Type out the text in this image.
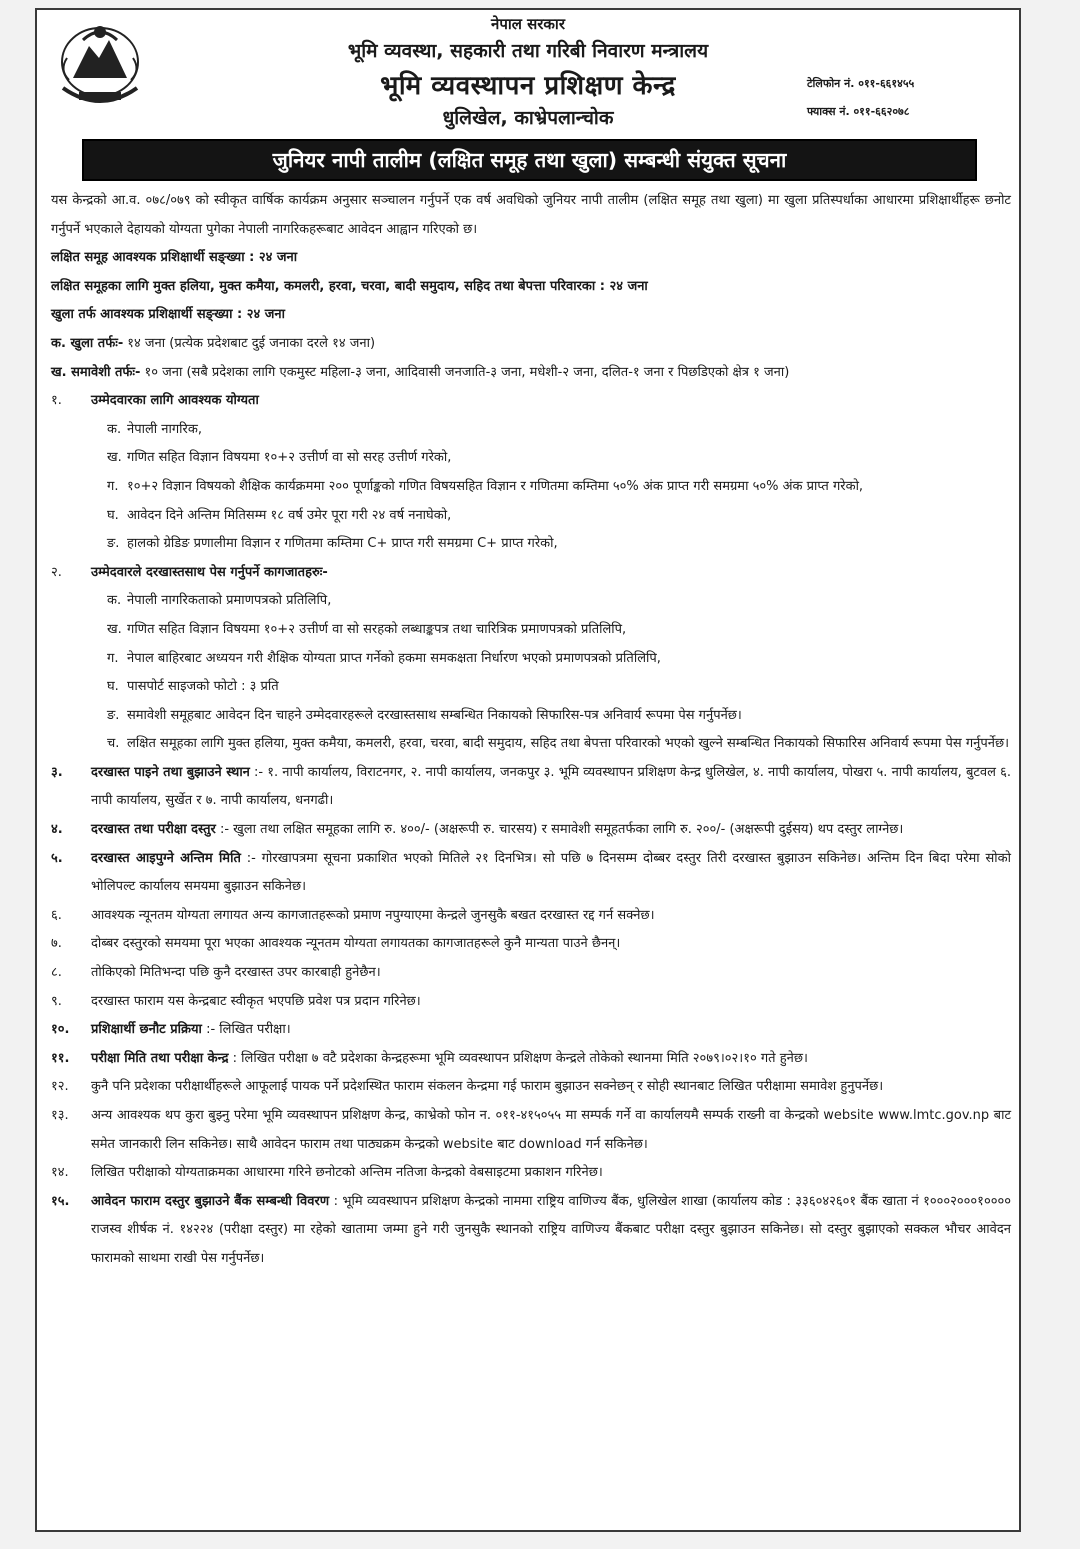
नेपाल सरकार
भूमि व्यवस्था, सहकारी तथा गरिबी निवारण मन्त्रालय
भूमि व्यवस्थापन प्रशिक्षण केन्द्र
धुलिखेल, काभ्रेपलान्चोक
टेलिफोन नं. ०११-६६१४५५
फ्याक्स नं. ०११-६६२०७८
जुनियर नापी तालीम (लक्षित समूह तथा खुला) सम्बन्धी संयुक्त सूचना

यस केन्द्रको आ.व. ०७८/०७९ को स्वीकृत वार्षिक कार्यक्रम अनुसार सञ्चालन गर्नुपर्ने एक वर्ष अवधिको जुनियर नापी तालीम (लक्षित समूह तथा खुला) मा खुला प्रतिस्पर्धाका आधारमा प्रशिक्षार्थीहरू छनोट गर्नुपर्ने भएकाले देहायको योग्यता पुगेका नेपाली नागरिकहरूबाट आवेदन आह्वान गरिएको छ।

लक्षित समूह आवश्यक प्रशिक्षार्थी सङ्ख्या : २४ जना

लक्षित समूहका लागि मुक्त हलिया, मुक्त कमैया, कमलरी, हरवा, चरवा, बादी समुदाय, सहिद तथा बेपत्ता परिवारका : २४ जना

खुला तर्फ आवश्यक प्रशिक्षार्थी सङ्ख्या : २४ जना

क. खुला तर्फः- १४ जना (प्रत्येक प्रदेशबाट दुई जनाका दरले १४ जना)
ख. समावेशी तर्फः- १० जना (सबै प्रदेशका लागि एकमुस्ट महिला-३ जना, आदिवासी जनजाति-३ जना, मधेशी-२ जना, दलित-१ जना र पिछडिएको क्षेत्र १ जना)
१.	उम्मेदवारका लागि आवश्यक योग्यता
क. नेपाली नागरिक,
ख. गणित सहित विज्ञान विषयमा १०+२ उत्तीर्ण वा सो सरह उत्तीर्ण गरेको,
ग. १०+२ विज्ञान विषयको शैक्षिक कार्यक्रममा २०० पूर्णाङ्कको गणित विषयसहित विज्ञान र गणितमा कम्तिमा ५०% अंक प्राप्त गरी समग्रमा ५०% अंक प्राप्त गरेको,
घ. आवेदन दिने अन्तिम मितिसम्म १८ वर्ष उमेर पूरा गरी २४ वर्ष ननाघेको,
ङ. हालको ग्रेडिङ प्रणालीमा विज्ञान र गणितमा कम्तिमा C+ प्राप्त गरी समग्रमा C+ प्राप्त गरेको,
२.	उम्मेदवारले दरखास्तसाथ पेस गर्नुपर्ने कागजातहरुः-
क. नेपाली नागरिकताको प्रमाणपत्रको प्रतिलिपि,
ख. गणित सहित विज्ञान विषयमा १०+२ उत्तीर्ण वा सो सरहको लब्धाङ्कपत्र तथा चारित्रिक प्रमाणपत्रको प्रतिलिपि,
ग. नेपाल बाहिरबाट अध्ययन गरी शैक्षिक योग्यता प्राप्त गर्नेको हकमा समकक्षता निर्धारण भएको प्रमाणपत्रको प्रतिलिपि,
घ. पासपोर्ट साइजको फोटो : ३ प्रति
ङ. समावेशी समूहबाट आवेदन दिन चाहने उम्मेदवारहरूले दरखास्तसाथ सम्बन्धित निकायको सिफारिस-पत्र अनिवार्य रूपमा पेस गर्नुपर्नेछ।
च. लक्षित समूहका लागि मुक्त हलिया, मुक्त कमैया, कमलरी, हरवा, चरवा, बादी समुदाय, सहिद तथा बेपत्ता परिवारको भएको खुल्ने सम्बन्धित निकायको सिफारिस अनिवार्य रूपमा पेस गर्नुपर्नेछ।
३.	दरखास्त पाइने तथा बुझाउने स्थान :- १. नापी कार्यालय, विराटनगर, २. नापी कार्यालय, जनकपुर ३. भूमि व्यवस्थापन प्रशिक्षण केन्द्र धुलिखेल, ४. नापी कार्यालय, पोखरा ५. नापी कार्यालय, बुटवल ६. नापी कार्यालय, सुर्खेत र ७. नापी कार्यालय, धनगढी।
४.	दरखास्त तथा परीक्षा दस्तुर :- खुला तथा लक्षित समूहका लागि रु. ४००/- (अक्षरूपी रु. चारसय) र समावेशी समूहतर्फका लागि रु. २००/- (अक्षरूपी दुईसय) थप दस्तुर लाग्नेछ।
५.	दरखास्त आइपुग्ने अन्तिम मिति :- गोरखापत्रमा सूचना प्रकाशित भएको मितिले २१ दिनभित्र। सो पछि ७ दिनसम्म दोब्बर दस्तुर तिरी दरखास्त बुझाउन सकिनेछ। अन्तिम दिन बिदा परेमा सोको भोलिपल्ट कार्यालय समयमा बुझाउन सकिनेछ।
६.	आवश्यक न्यूनतम योग्यता लगायत अन्य कागजातहरूको प्रमाण नपुग्‍याएमा केन्द्रले जुनसुकै बखत दरखास्त रद्द गर्न सक्नेछ।
७.	दोब्बर दस्तुरको समयमा पूरा भएका आवश्यक न्यूनतम योग्यता लगायतका कागजातहरूले कुनै मान्यता पाउने छैनन्।
८.	तोकिएको मितिभन्दा पछि कुनै दरखास्त उपर कारबाही हुनेछैन।
९.	दरखास्त फाराम यस केन्द्रबाट स्वीकृत भएपछि प्रवेश पत्र प्रदान गरिनेछ।
१०.	प्रशिक्षार्थी छनौट प्रक्रिया :- लिखित परीक्षा।
११.	परीक्षा मिति तथा परीक्षा केन्द्र : लिखित परीक्षा ७ वटै प्रदेशका केन्द्रहरूमा भूमि व्यवस्थापन प्रशिक्षण केन्द्रले तोकेको स्थानमा मिति २०७९।०२।१० गते हुनेछ।
१२.	कुनै पनि प्रदेशका परीक्षार्थीहरूले आफूलाई पायक पर्ने प्रदेशस्थित फाराम संकलन केन्द्रमा गई फाराम बुझाउन सक्नेछन् र सोही स्थानबाट लिखित परीक्षामा समावेश हुनुपर्नेछ।
१३.	अन्य आवश्यक थप कुरा बुझ्नु परेमा भूमि व्यवस्थापन प्रशिक्षण केन्द्र, काभ्रेको फोन न. ०११-४१५०५५ मा सम्पर्क गर्ने वा कार्यालयमै सम्पर्क राख्नी वा केन्द्रको website www.lmtc.gov.np बाट समेत जानकारी लिन सकिनेछ। साथै आवेदन फाराम तथा पाठ्यक्रम केन्द्रको website बाट download गर्न सकिनेछ।
१४.	लिखित परीक्षाको योग्यताक्रमका आधारमा गरिने छनोटको अन्तिम नतिजा केन्द्रको वेबसाइटमा प्रकाशन गरिनेछ।
१५.	आवेदन फाराम दस्तुर बुझाउने बैंक सम्बन्धी विवरण : भूमि व्यवस्थापन प्रशिक्षण केन्द्रको नाममा राष्ट्रिय वाणिज्य बैंक, धुलिखेल शाखा (कार्यालय कोड : ३३६०४२६०१ बैंक खाता नं १०००२०००१०००० राजस्व शीर्षक नं. १४२२४ (परीक्षा दस्तुर) मा रहेको खातामा जम्मा हुने गरी जुनसुकै स्थानको राष्ट्रिय वाणिज्य बैंकबाट परीक्षा दस्तुर बुझाउन सकिनेछ। सो दस्तुर बुझाएको सक्कल भौचर आवेदन फारामको साथमा राखी पेस गर्नुपर्नेछ।
